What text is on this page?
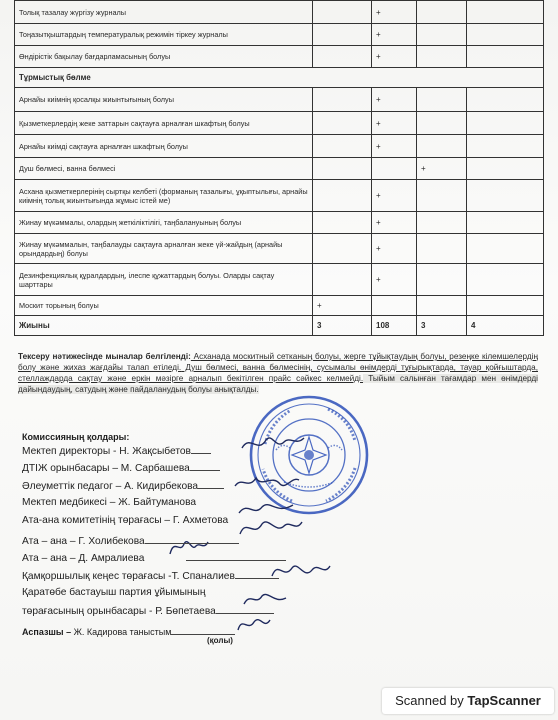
Толық тазалау жүргізу журналы		+		
Тоңазытқыштардың температуралық режимін тіркеу журналы		+		
Өндірістік бақылау бағдарламасының болуы		+		
Тұрмыстық бөлме				
Арнайы киімнің қосалқы жиынтығының болуы		+		
Қызметкерлердің жеке заттарын сақтауға арналған шкафтың болуы		+		
Арнайы киімді сақтауға арналған шкафтың болуы		+		
Душ бөлмесі, ванна бөлмесі			+	
Асхана қызметкерлерінің сыртқы келбеті (форманың тазалығы, ұқыптылығы, арнайы киімнің толық жиынтығында жұмыс істей ме)		+		
Жинау мүкәммалы, олардың жеткіліктілігі, таңбалануының болуы		+		
Жинау мүкәммалын, таңбалауды сақтауға арналған жеке үй-жайдың (арнайы орындардың) болуы		+		
Дезинфекциялық құралдардың, ілеспе құжаттардың болуы. Оларды сақтау шарттары		+		
Москит торының болуы	+			
Жиыны	3	108	3	4
Тексеру нәтижесінде мыналар белгіленді: Асханада москитный сетканың болуы, жерге тұйықтаудың болуы, резеңке кілемшелердің болу және жихаз жағдайы талап етіледі. Душ бөлмесі, ванна бөлмесінің, сусымалы өнімдерді тұғырықтарда, тауар қойғыштарда, стеллаждарда сақтау және еркін мәзірге арналып бекітілген прайс сәйкес келмейді. Тыйым салынған тағамдар мен өнімдерді дайындаудың, сатудың және пайдаланудың болуы анықталды.
Комиссияның қолдары:
Мектеп директоры - Н. Жақсыбетов
ДТІЖ орынбасары – М. Сарбашева
Әлеуметтік педагог – А. Кидирбекова
Мектеп медбикесі – Ж. Байтуманова
Ата-ана комитетінің төрағасы – Г. Ахметова
Ата – ана – Г. Холибекова
Ата – ана – Д. Амралиева
Қамқоршылық кеңес төрағасы -Т. Спаналиев
Қаратөбе бастауыш партия ұйымының
төрағасының орынбасары - Р. Бөпетаева
Аспазшы – Ж. Кадирова таныстым
(қолы)
Scanned by TapScanner
